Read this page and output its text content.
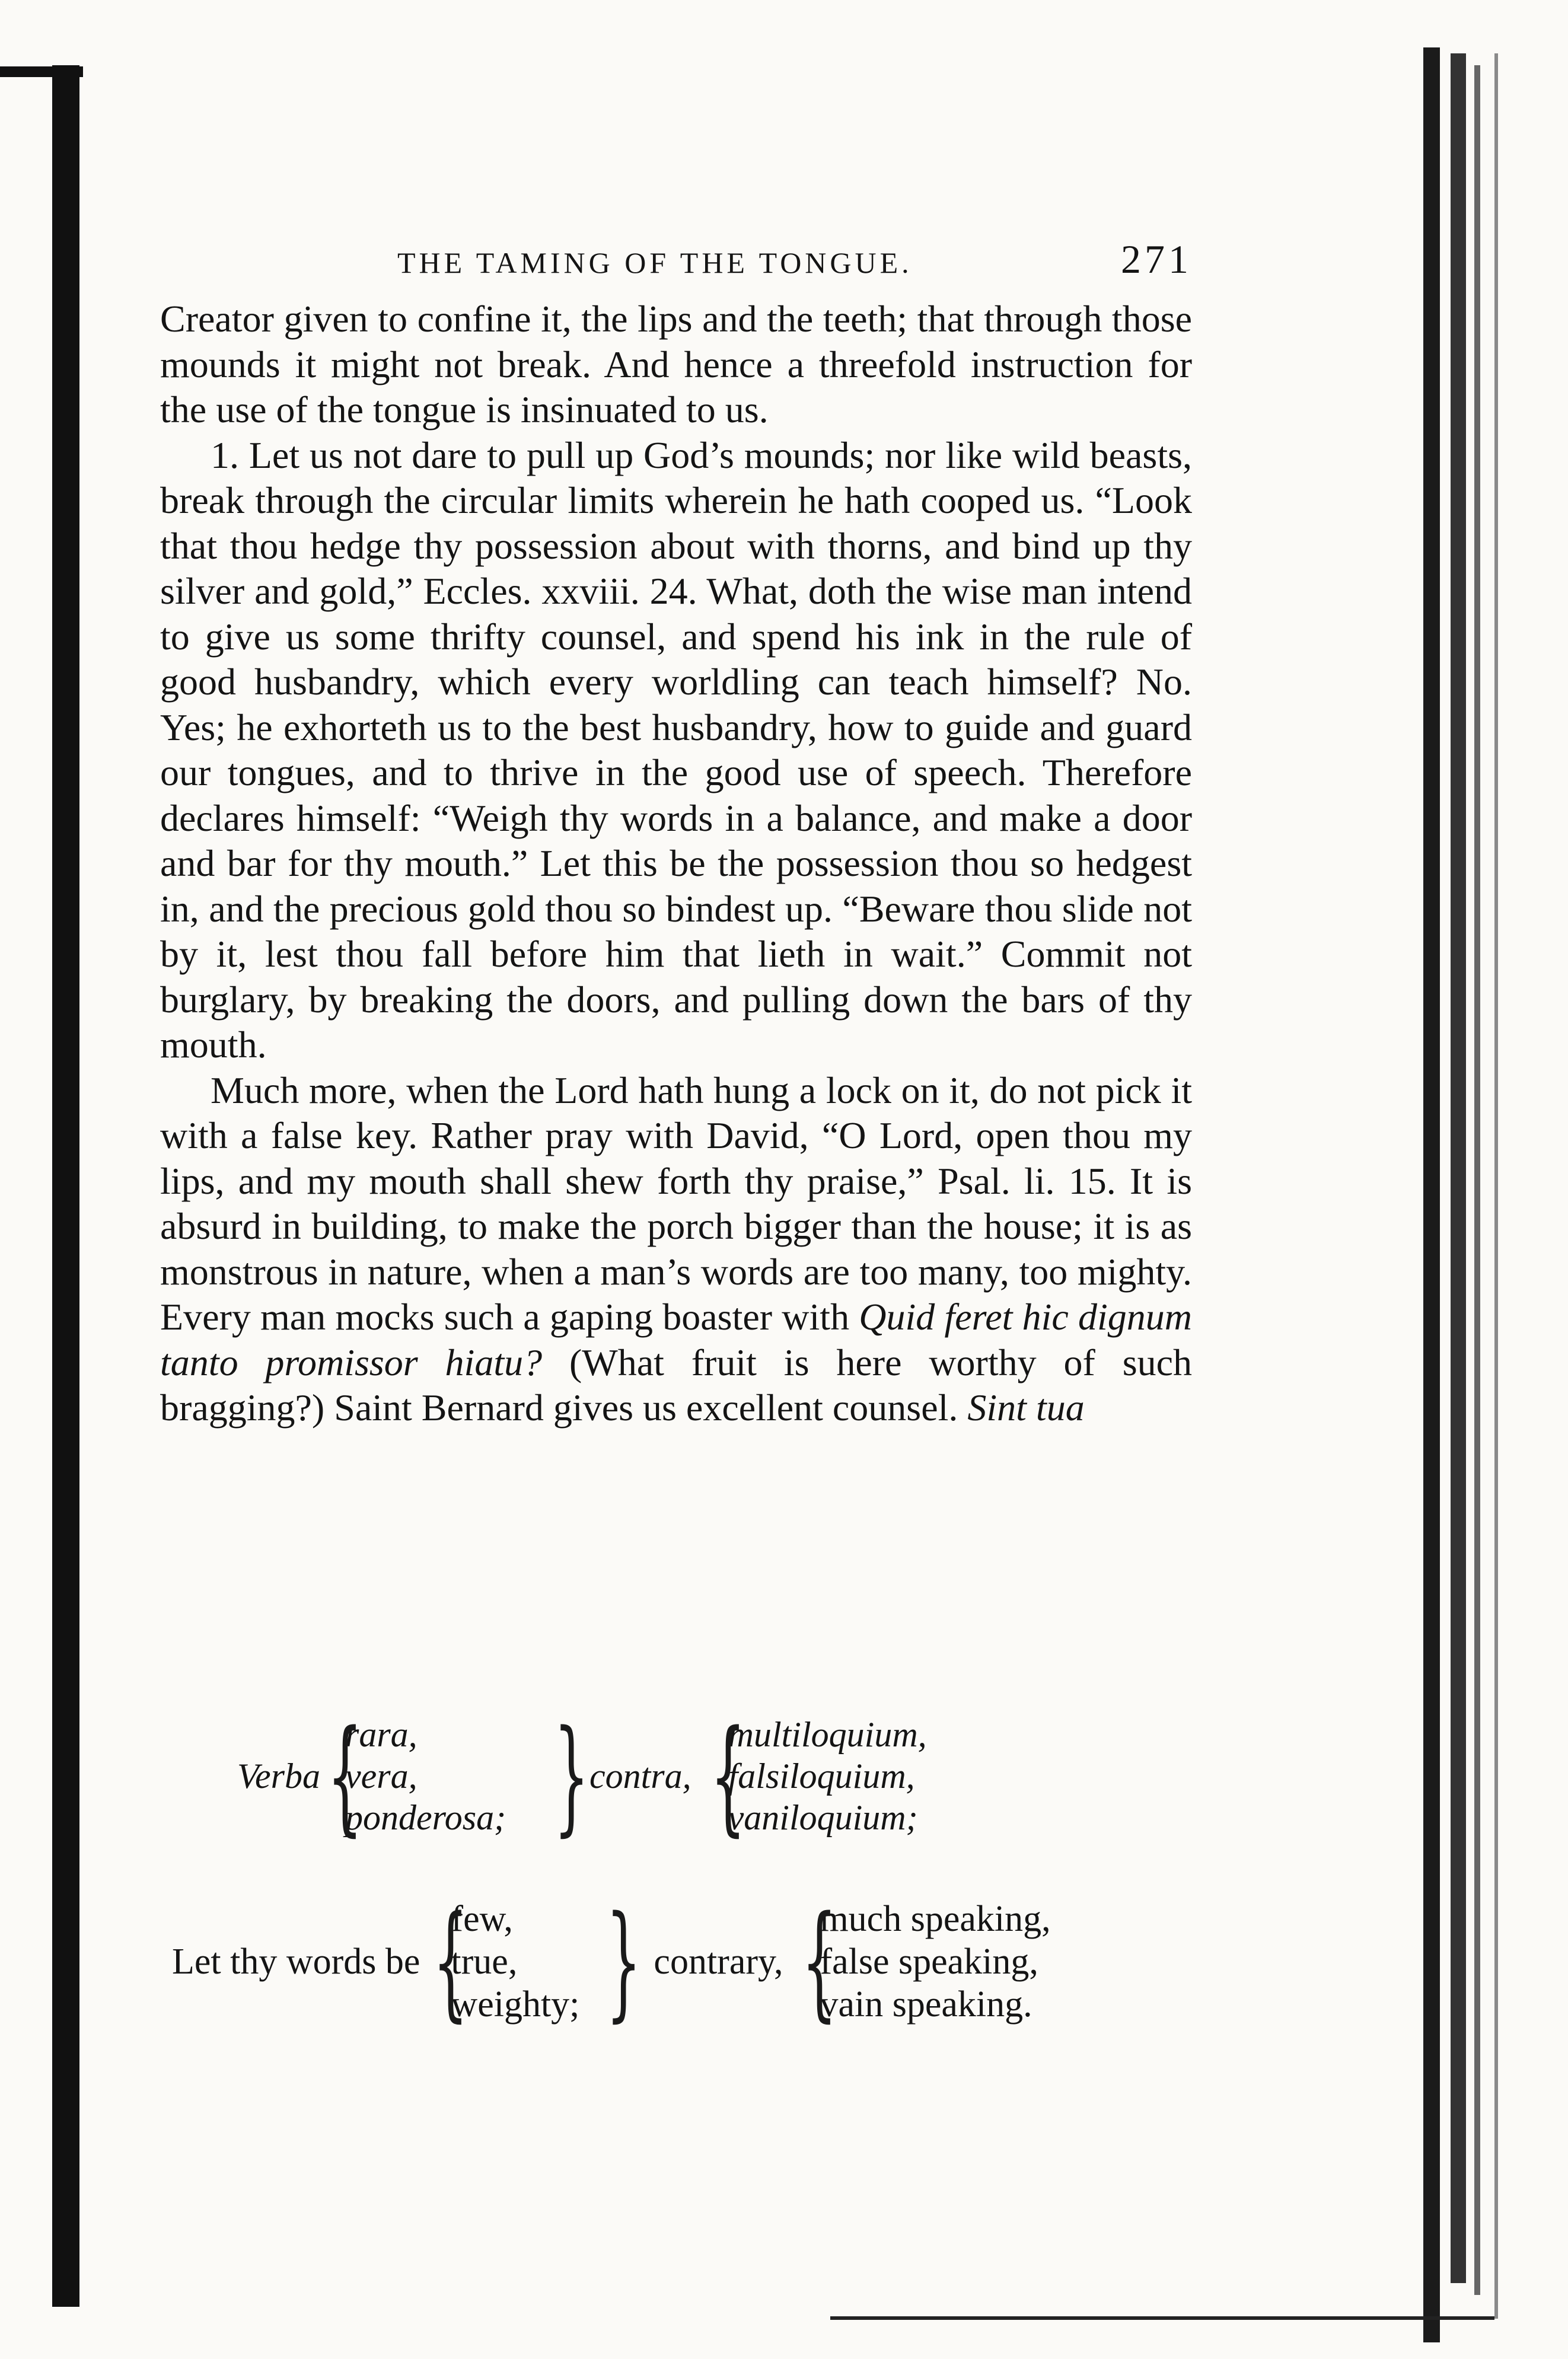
THE TAMING OF THE TONGUE.	271

Creator given to confine it, the lips and the teeth; that through those mounds it might not break. And hence a threefold instruction for the use of the tongue is insinuated to us.

1. Let us not dare to pull up God’s mounds; nor like wild beasts, break through the circular limits wherein he hath cooped us. “Look that thou hedge thy possession about with thorns, and bind up thy silver and gold,” Eccles. xxviii. 24. What, doth the wise man intend to give us some thrifty counsel, and spend his ink in the rule of good husbandry, which every worldling can teach himself? No. Yes; he exhorteth us to the best husbandry, how to guide and guard our tongues, and to thrive in the good use of speech. Therefore declares himself: “Weigh thy words in a balance, and make a door and bar for thy mouth.” Let this be the possession thou so hedgest in, and the precious gold thou so bindest up. “Beware thou slide not by it, lest thou fall before him that lieth in wait.” Commit not burglary, by breaking the doors, and pulling down the bars of thy mouth.

Much more, when the Lord hath hung a lock on it, do not pick it with a false key. Rather pray with David, “O Lord, open thou my lips, and my mouth shall shew forth thy praise,” Psal. li. 15. It is absurd in building, to make the porch bigger than the house; it is as monstrous in nature, when a man’s words are too many, too mighty. Every man mocks such a gaping boaster with Quid feret hic dignum tanto promissor hiatu? (What fruit is here worthy of such bragging?) Saint Bernard gives us excellent counsel. Sint tua

Verba {
rara,
vera,
ponderosa; } contra, {
multiloquium,
falsiloquium,
vaniloquium;
Let thy words be {
few,
true,
weighty; } contrary, {
much speaking,
false speaking,
vain speaking.
